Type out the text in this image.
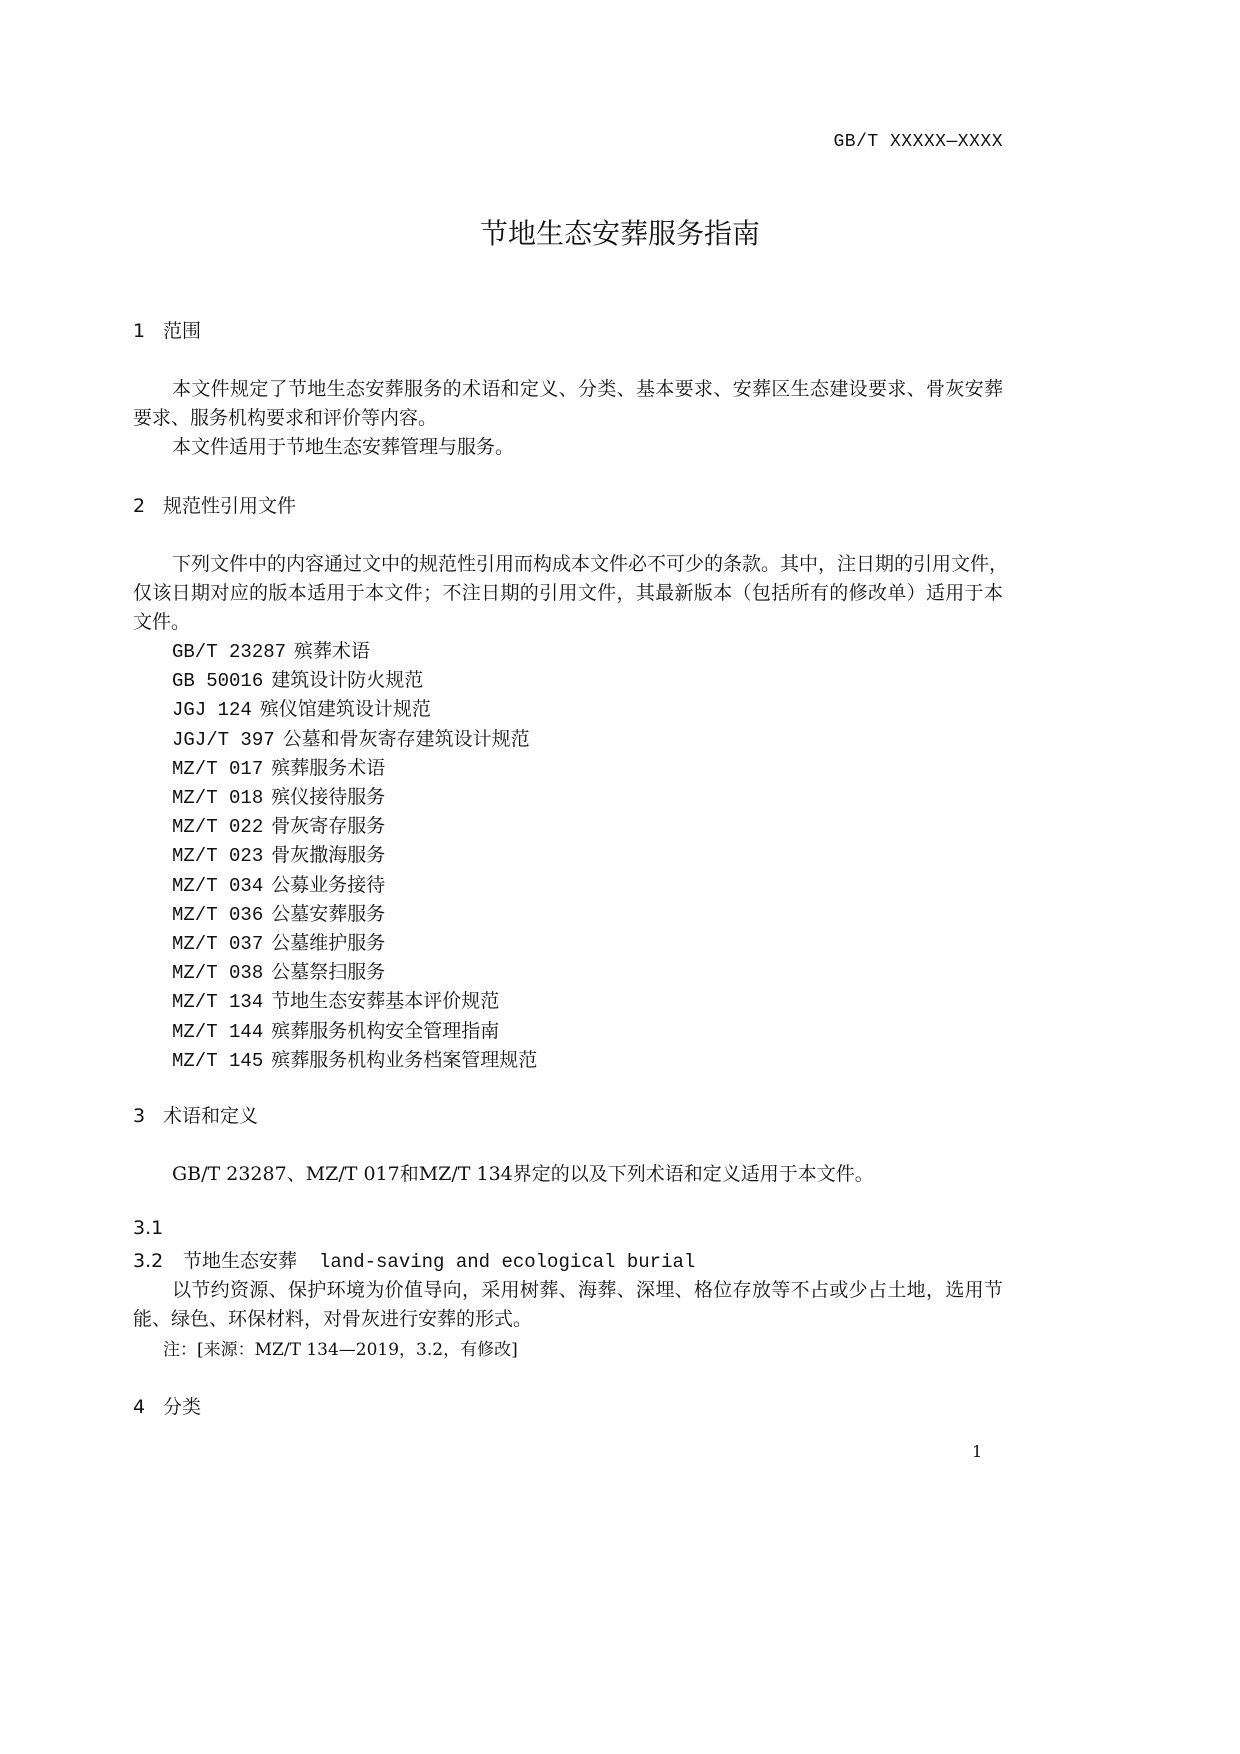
GB/T XXXXX—XXXX
节地生态安葬服务指南
1 范围
本文件规定了节地生态安葬服务的术语和定义、分类、基本要求、安葬区生态建设要求、骨灰安葬
要求、服务机构要求和评价等内容。
本文件适用于节地生态安葬管理与服务。
2 规范性引用文件
下列文件中的内容通过文中的规范性引用而构成本文件必不可少的条款。其中，注日期的引用文件，
仅该日期对应的版本适用于本文件；不注日期的引用文件，其最新版本（包括所有的修改单）适用于本
文件。
GB/T 23287 殡葬术语
GB 50016 建筑设计防火规范
JGJ 124 殡仪馆建筑设计规范
JGJ/T 397 公墓和骨灰寄存建筑设计规范
MZ/T 017 殡葬服务术语
MZ/T 018 殡仪接待服务
MZ/T 022 骨灰寄存服务
MZ/T 023 骨灰撒海服务
MZ/T 034 公募业务接待
MZ/T 036 公墓安葬服务
MZ/T 037 公墓维护服务
MZ/T 038 公墓祭扫服务
MZ/T 134 节地生态安葬基本评价规范
MZ/T 144 殡葬服务机构安全管理指南
MZ/T 145 殡葬服务机构业务档案管理规范
3 术语和定义
GB/T 23287、MZ/T 017和MZ/T 134界定的以及下列术语和定义适用于本文件。
3.1
3.2 节地生态安葬 land-saving and ecological burial
以节约资源、保护环境为价值导向，采用树葬、海葬、深埋、格位存放等不占或少占土地，选用节
能、绿色、环保材料，对骨灰进行安葬的形式。
注：[来源：MZ/T 134—2019，3.2，有修改]
4 分类
1
